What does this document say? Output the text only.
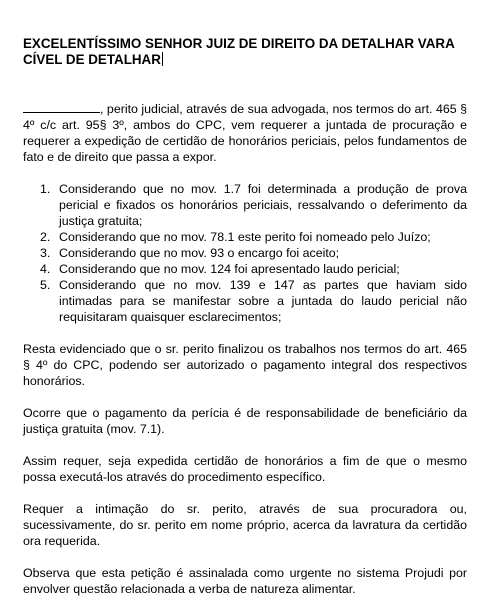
EXCELENTÍSSIMO SENHOR JUIZ DE DIREITO DA DETALHAR VARA CÍVEL DE DETALHAR

, perito judicial, através de sua advogada, nos termos do art. 465 § 4º c/c art. 95§ 3º, ambos do CPC, vem requerer a juntada de procuração e requerer a expedição de certidão de honorários periciais, pelos fundamentos de fato e de direito que passa a expor.

1. Considerando que no mov. 1.7 foi determinada a produção de prova pericial e fixados os honorários periciais, ressalvando o deferimento da justiça gratuita;
2. Considerando que no mov. 78.1 este perito foi nomeado pelo Juízo;
3. Considerando que no mov. 93 o encargo foi aceito;
4. Considerando que no mov. 124 foi apresentado laudo pericial;
5. Considerando que no mov. 139 e 147 as partes que haviam sido intimadas para se manifestar sobre a juntada do laudo pericial não requisitaram quaisquer esclarecimentos;

Resta evidenciado que o sr. perito finalizou os trabalhos nos termos do art. 465 § 4º do CPC, podendo ser autorizado o pagamento integral dos respectivos honorários.

Ocorre que o pagamento da perícia é de responsabilidade de beneficiário da justiça gratuita (mov. 7.1).

Assim requer, seja expedida certidão de honorários a fim de que o mesmo possa executá-los através do procedimento específico.

Requer a intimação do sr. perito, através de sua procuradora ou, sucessivamente, do sr. perito em nome próprio, acerca da lavratura da certidão ora requerida.

Observa que esta petição é assinalada como urgente no sistema Projudi por envolver questão relacionada a verba de natureza alimentar.
